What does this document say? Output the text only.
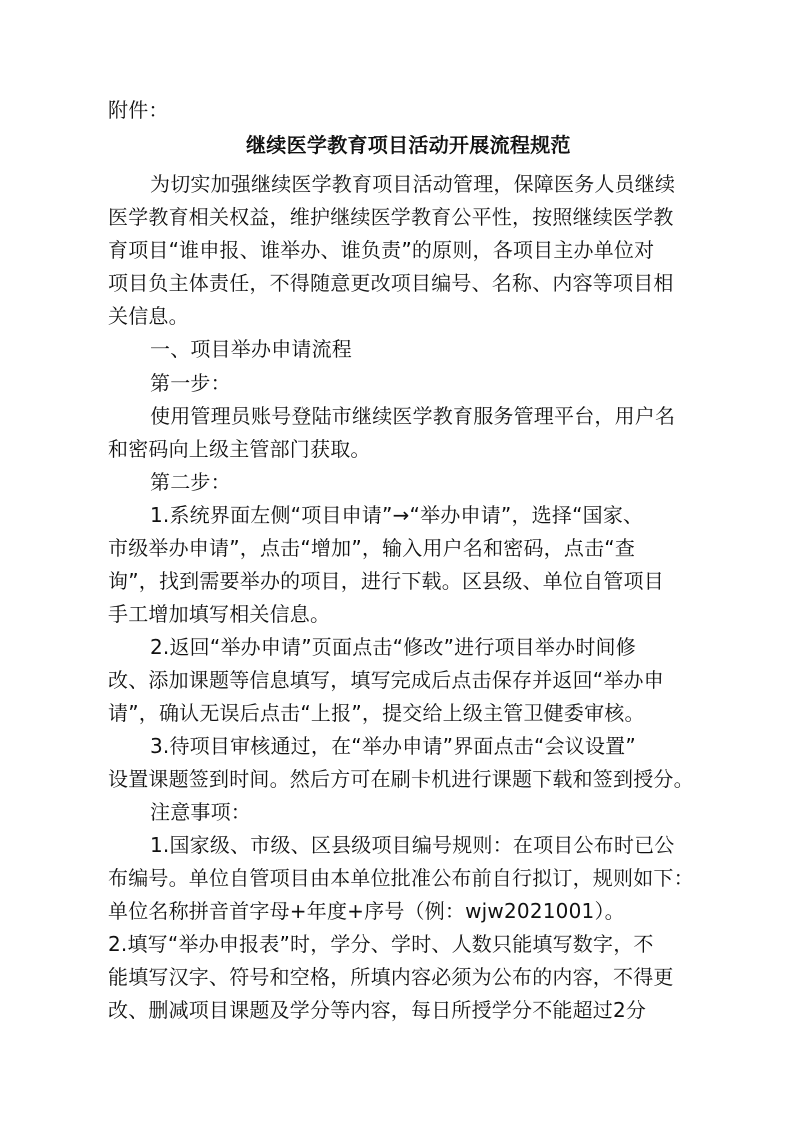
附件：
继续医学教育项目活动开展流程规范
为切实加强继续医学教育项目活动管理，保障医务人员继续
医学教育相关权益，维护继续医学教育公平性，按照继续医学教
育项目“谁申报、谁举办、谁负责”的原则，各项目主办单位对
项目负主体责任，不得随意更改项目编号、名称、内容等项目相
关信息。
一、项目举办申请流程
第一步：
使用管理员账号登陆市继续医学教育服务管理平台，用户名
和密码向上级主管部门获取。
第二步：
1.系统界面左侧“项目申请”→“举办申请”，选择“国家、
市级举办申请”，点击“增加”，输入用户名和密码，点击“查
询”，找到需要举办的项目，进行下载。区县级、单位自管项目
手工增加填写相关信息。
2.返回“举办申请”页面点击“修改”进行项目举办时间修
改、添加课题等信息填写，填写完成后点击保存并返回“举办申
请”，确认无误后点击“上报”，提交给上级主管卫健委审核。
3.待项目审核通过，在“举办申请”界面点击“会议设置”
设置课题签到时间。然后方可在刷卡机进行课题下载和签到授分。
注意事项：
1.国家级、市级、区县级项目编号规则：在项目公布时已公
布编号。单位自管项目由本单位批准公布前自行拟订，规则如下：
单位名称拼音首字母+年度+序号（例：wjw2021001）。
2.填写“举办申报表”时，学分、学时、人数只能填写数字，不
能填写汉字、符号和空格，所填内容必须为公布的内容，不得更
改、删减项目课题及学分等内容，每日所授学分不能超过2分
